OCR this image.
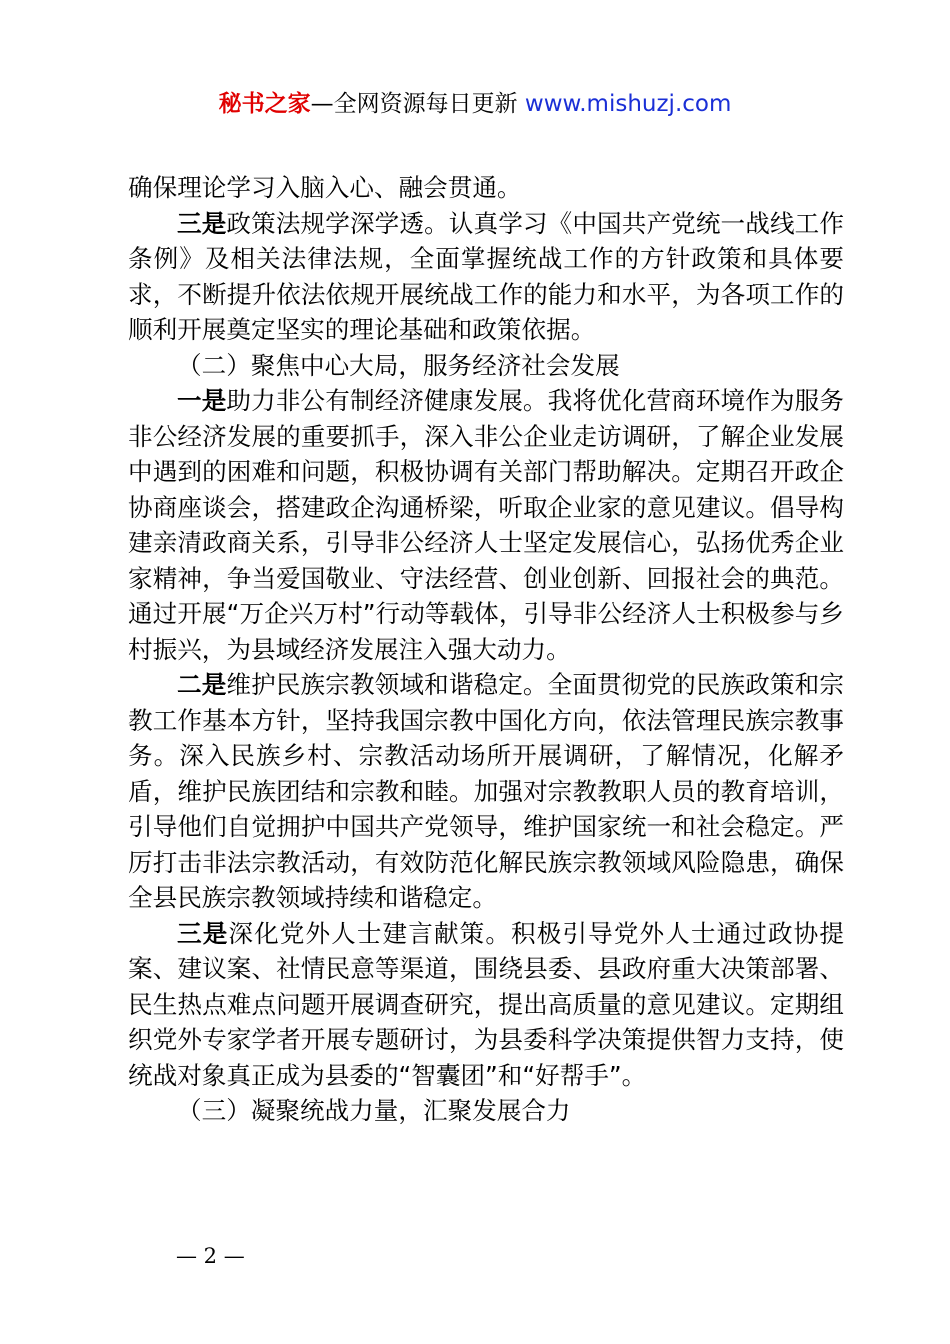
秘书之家—全网资源每日更新 www.mishuzj.com

确保理论学习入脑入心、融会贯通。

三是政策法规学深学透。认真学习《中国共产党统一战线工作条例》及相关法律法规，全面掌握统战工作的方针政策和具体要求，不断提升依法依规开展统战工作的能力和水平，为各项工作的顺利开展奠定坚实的理论基础和政策依据。

（二）聚焦中心大局，服务经济社会发展

一是助力非公有制经济健康发展。我将优化营商环境作为服务非公经济发展的重要抓手，深入非公企业走访调研，了解企业发展中遇到的困难和问题，积极协调有关部门帮助解决。定期召开政企协商座谈会，搭建政企沟通桥梁，听取企业家的意见建议。倡导构建亲清政商关系，引导非公经济人士坚定发展信心，弘扬优秀企业家精神，争当爱国敬业、守法经营、创业创新、回报社会的典范。通过开展“万企兴万村”行动等载体，引导非公经济人士积极参与乡村振兴，为县域经济发展注入强大动力。

二是维护民族宗教领域和谐稳定。全面贯彻党的民族政策和宗教工作基本方针，坚持我国宗教中国化方向，依法管理民族宗教事务。深入民族乡村、宗教活动场所开展调研，了解情况，化解矛盾，维护民族团结和宗教和睦。加强对宗教教职人员的教育培训，引导他们自觉拥护中国共产党领导，维护国家统一和社会稳定。严厉打击非法宗教活动，有效防范化解民族宗教领域风险隐患，确保全县民族宗教领域持续和谐稳定。

三是深化党外人士建言献策。积极引导党外人士通过政协提案、建议案、社情民意等渠道，围绕县委、县政府重大决策部署、民生热点难点问题开展调查研究，提出高质量的意见建议。定期组织党外专家学者开展专题研讨，为县委科学决策提供智力支持，使统战对象真正成为县委的“智囊团”和“好帮手”。

（三）凝聚统战力量，汇聚发展合力

— 2 —
